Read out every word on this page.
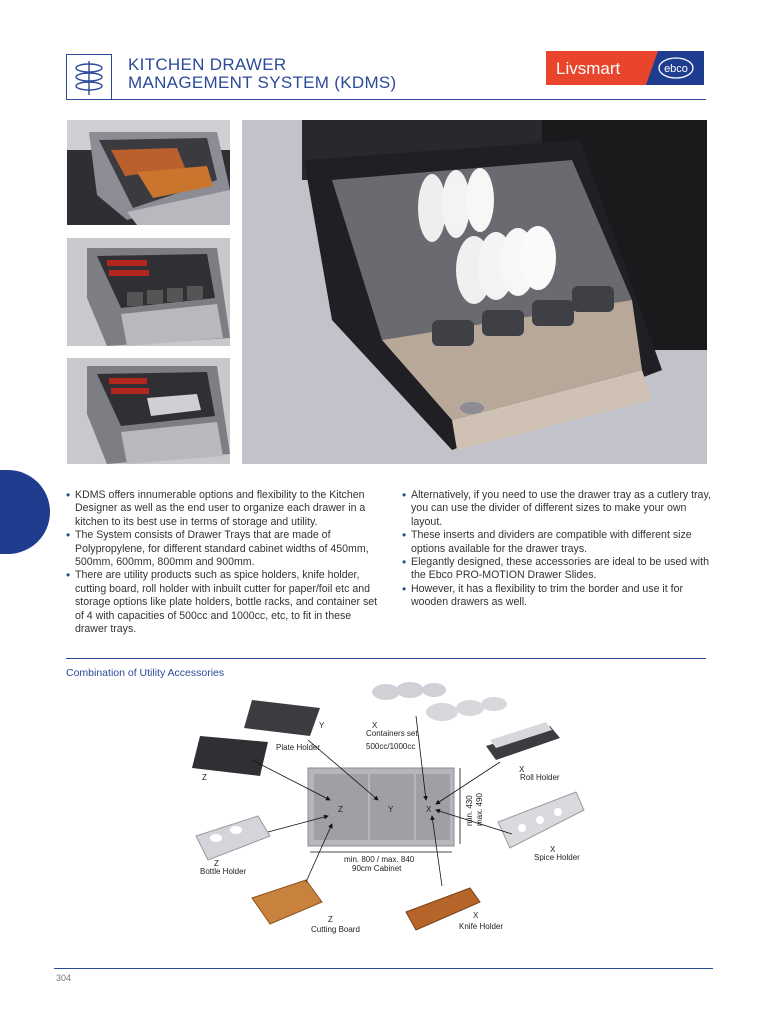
KITCHEN DRAWER
MANAGEMENT SYSTEM (KDMS)
Livsmart	ebco
• KDMS offers innumerable options and flexibility to the Kitchen Designer as well as the end user to organize each drawer in a kitchen to its best use in terms of storage and utility.
• The System consists of Drawer Trays that are made of Polypropylene, for different standard cabinet widths of 450mm, 500mm, 600mm, 800mm and 900mm.
• There are utility products such as spice holders, knife holder, cutting board, roll holder with inbuilt cutter for paper/foil etc and storage options like plate holders, bottle racks, and container set of 4 with capacities of 500cc and 1000cc, etc, to fit in these drawer trays.
• Alternatively, if you need to use the drawer tray as a cutlery tray, you can use the divider of different sizes to make your own layout.
• These inserts and dividers are compatible with different size options available for the drawer trays.
• Elegantly designed, these accessories are ideal to be used with the Ebco PRO-MOTION Drawer Slides.
• However, it has a flexibility to trim the border and use it for wooden drawers as well.
Combination of Utility Accessories
Y
Plate Holder
Z
X
Containers set
500cc/1000cc
X
Roll Holder
Z	Y	X
min. 800 / max. 840
90cm Cabinet
min. 430 max. 490
X
Spice Holder
Z
Bottle Holder
Z
Cutting Board
X
Knife Holder
304
